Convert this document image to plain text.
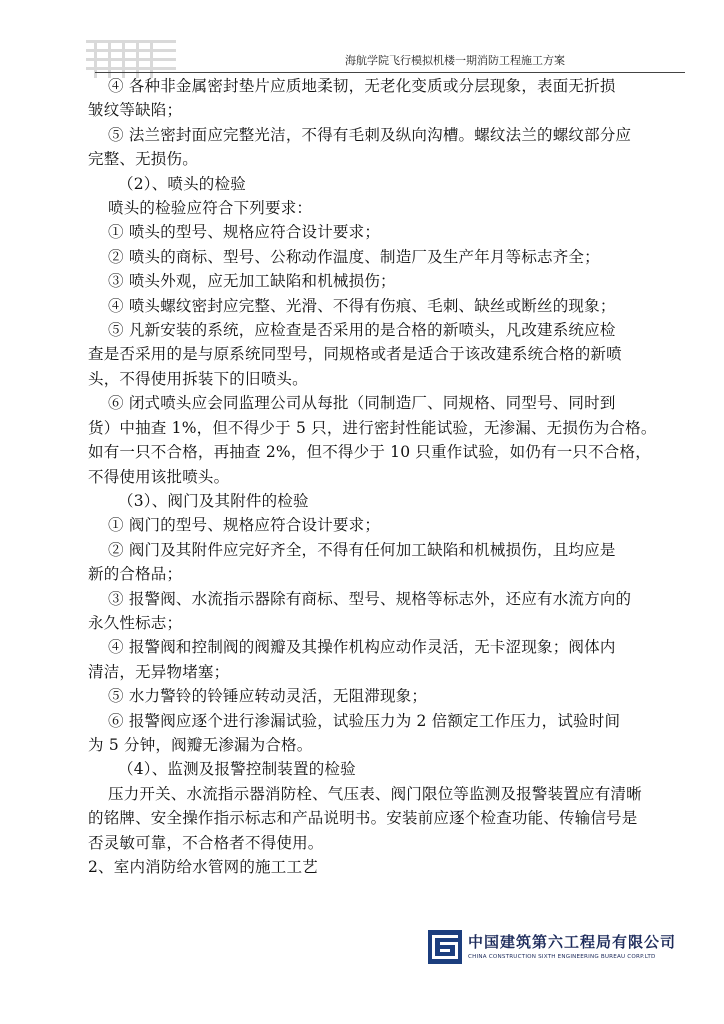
海航学院飞行模拟机楼一期消防工程施工方案
④ 各种非金属密封垫片应质地柔韧，无老化变质或分层现象，表面无折损
皱纹等缺陷；
⑤ 法兰密封面应完整光洁，不得有毛刺及纵向沟槽。螺纹法兰的螺纹部分应
完整、无损伤。
（2）、喷头的检验
喷头的检验应符合下列要求：
① 喷头的型号、规格应符合设计要求；
② 喷头的商标、型号、公称动作温度、制造厂及生产年月等标志齐全；
③ 喷头外观，应无加工缺陷和机械损伤；
④ 喷头螺纹密封应完整、光滑、不得有伤痕、毛刺、缺丝或断丝的现象；
⑤ 凡新安装的系统，应检查是否采用的是合格的新喷头，凡改建系统应检
查是否采用的是与原系统同型号，同规格或者是适合于该改建系统合格的新喷
头，不得使用拆装下的旧喷头。
⑥ 闭式喷头应会同监理公司从每批（同制造厂、同规格、同型号、同时到
货）中抽查 1%，但不得少于 5 只，进行密封性能试验，无渗漏、无损伤为合格。
如有一只不合格，再抽查 2%，但不得少于 10 只重作试验，如仍有一只不合格，
不得使用该批喷头。
（3）、阀门及其附件的检验
① 阀门的型号、规格应符合设计要求；
② 阀门及其附件应完好齐全，不得有任何加工缺陷和机械损伤，且均应是
新的合格品；
③ 报警阀、水流指示器除有商标、型号、规格等标志外，还应有水流方向的
永久性标志；
④ 报警阀和控制阀的阀瓣及其操作机构应动作灵活，无卡涩现象；阀体内
清洁，无异物堵塞；
⑤ 水力警铃的铃锤应转动灵活，无阻滞现象；
⑥ 报警阀应逐个进行渗漏试验，试验压力为 2 倍额定工作压力，试验时间
为 5 分钟，阀瓣无渗漏为合格。
（4）、监测及报警控制装置的检验
压力开关、水流指示器消防栓、气压表、阀门限位等监测及报警装置应有清晰
的铭牌、安全操作指示标志和产品说明书。安装前应逐个检查功能、传输信号是
否灵敏可靠，不合格者不得使用。
2、室内消防给水管网的施工工艺
中国建筑第六工程局有限公司
CHINA CONSTRUCTION SIXTH ENGINEERING BUREAU CORP.LTD
